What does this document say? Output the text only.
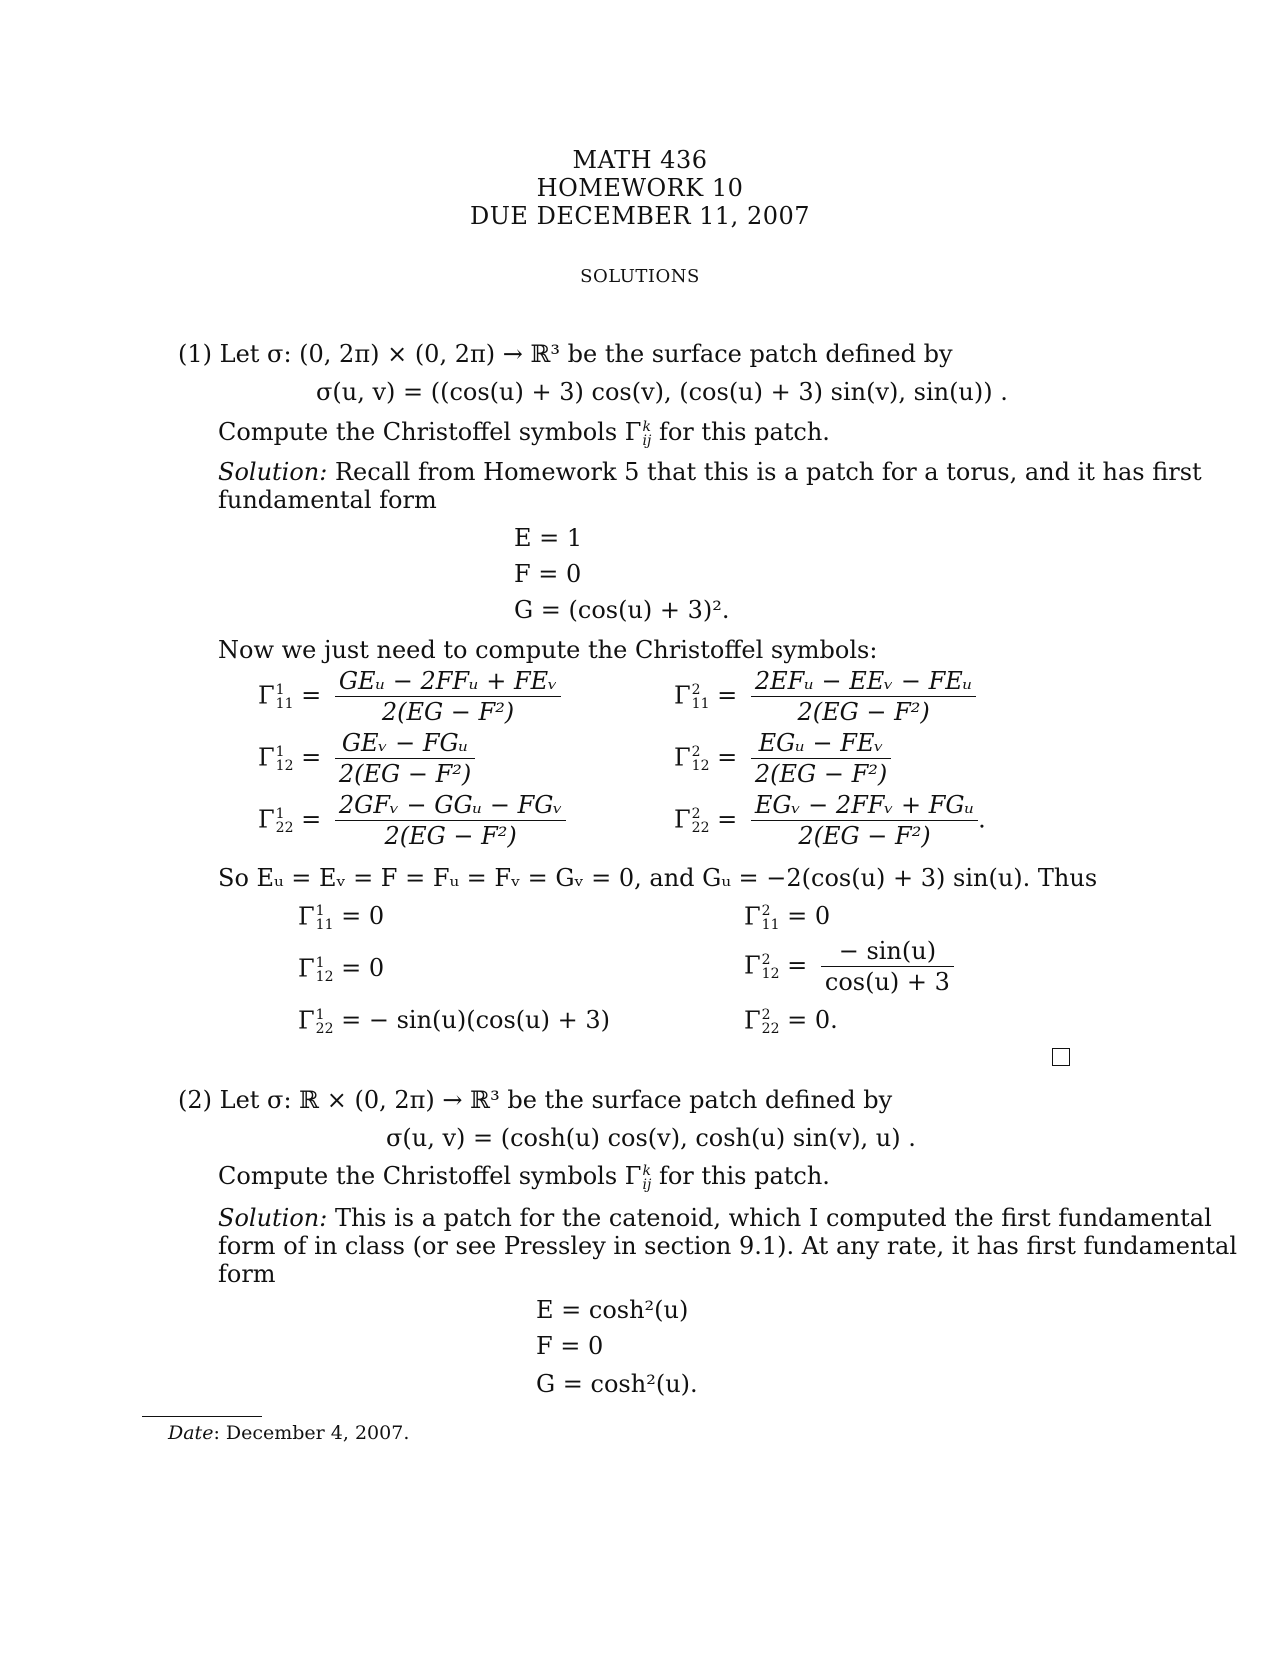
MATH 436
HOMEWORK 10
DUE DECEMBER 11, 2007
SOLUTIONS
(1) Let σ: (0, 2π) × (0, 2π) → ℝ³ be the surface patch defined by
σ(u, v) = ((cos(u) + 3) cos(v), (cos(u) + 3) sin(v), sin(u)) .
Compute the Christoffel symbols Γ k
ij for this patch.
Solution: Recall from Homework 5 that this is a patch for a torus, and it has first
fundamental form
E = 1
F = 0
G = (cos(u) + 3)².
Now we just need to compute the Christoffel symbols:
Γ 1
$11 = \frac{\text{GEᵤ − 2FFᵤ + FEᵥ}}{\text{2(EG − F²)}}$
Γ 1
$12 = \frac{\text{GEᵥ − FGᵤ}}{\text{2(EG − F²)}}$
Γ 1
$22 = \frac{\text{2GFᵥ − GGᵤ − FGᵥ}}{\text{2(EG − F²)}}$
Γ 2
$11 = \frac{\text{2EFᵤ − EEᵥ − FEᵤ}}{\text{2(EG − F²)}}$
Γ 2
$12 = \frac{\text{EGᵤ − FEᵥ}}{\text{2(EG − F²)}}$
Γ 2
$22 = \frac{\text{EGᵥ − 2FFᵥ + FGᵤ}}{\text{2(EG − F²)}}$ .
So Eᵤ = Eᵥ = F = Fᵤ = Fᵥ = Gᵥ = 0, and Gᵤ = −2(cos(u) + 3) sin(u). Thus
Γ 1
11 = 0
Γ 1
12 = 0
Γ 1
22 = − sin(u)(cos(u) + 3)
Γ 2
11 = 0
Γ 2
$12 = \frac{- \sin(u)}{\cos(u) + 3}$
Γ 2
22 = 0.
(2) Let σ: ℝ × (0, 2π) → ℝ³ be the surface patch defined by
σ(u, v) = (cosh(u) cos(v), cosh(u) sin(v), u) .
Compute the Christoffel symbols Γ k
ij for this patch.
Solution: This is a patch for the catenoid, which I computed the first fundamental
form of in class (or see Pressley in section 9.1). At any rate, it has first fundamental
form
E = cosh²(u)
F = 0
G = cosh²(u).
Date: December 4, 2007.
